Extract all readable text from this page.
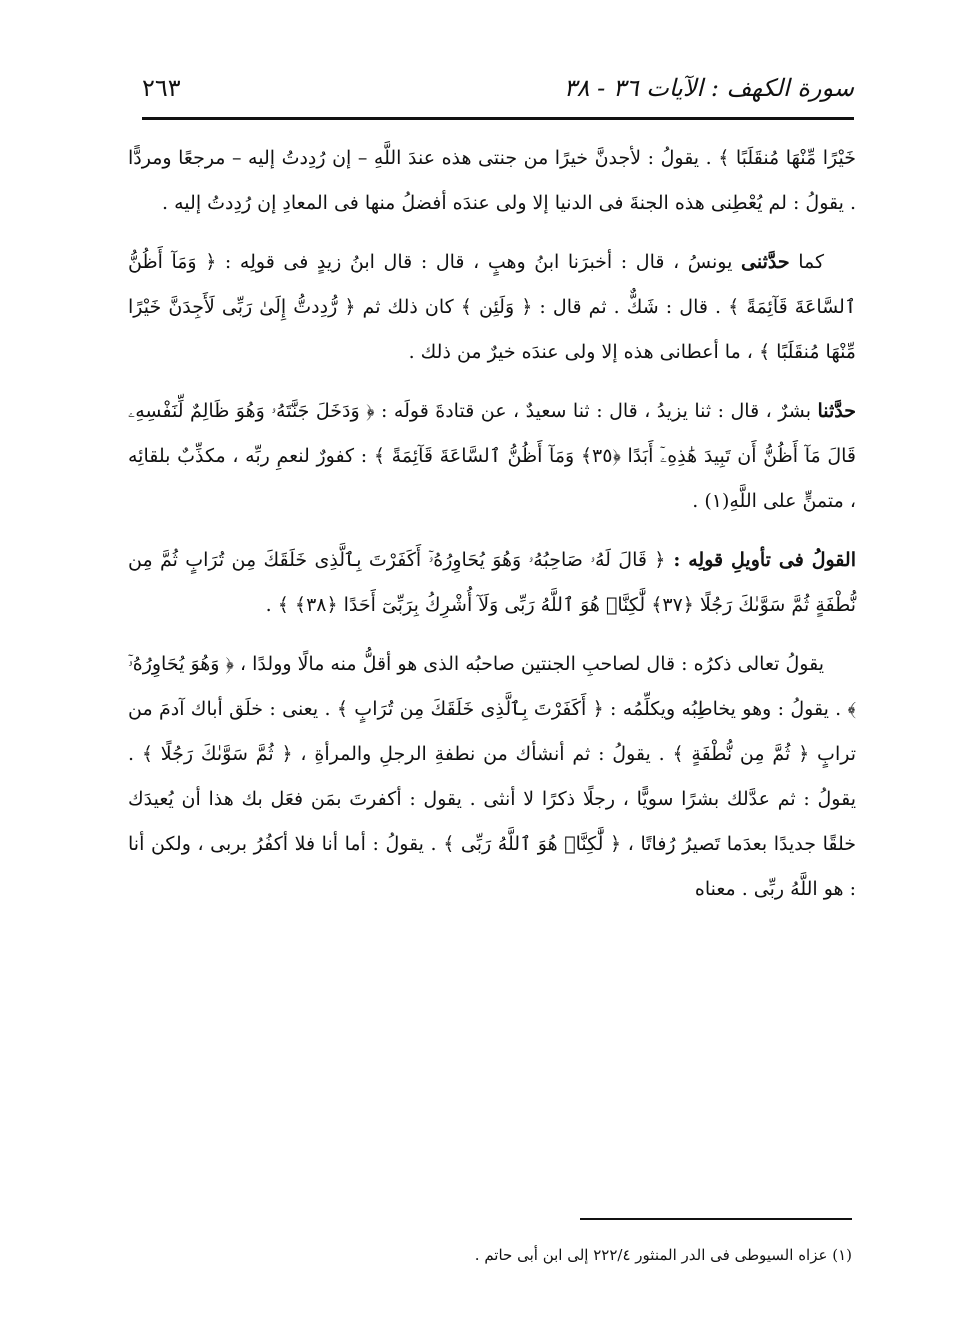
سورة الكهف : الآيات ٣٦ - ٣٨
٢٦٣

خَيْرًا مِّنْهَا مُنقَلَبًا ﴾ . يقولُ : لأجدنَّ خيرًا من جنتى هذه عندَ اللَّهِ – إن رُدِدتُ إليه – مرجعًا ومردًّا . يقولُ : لم يُعْطِنى هذه الجنةَ فى الدنيا إلا ولى عندَه أفضلُ منها فى المعادِ إن رُدِدتُ إليه .

كما حدَّثنى يونسُ ، قال : أخبرَنا ابنُ وهبٍ ، قال : قال ابنُ زيدٍ فى قولِه : ﴿ وَمَآ أَظُنُّ ٱلسَّاعَةَ قَآئِمَةً ﴾ . قال : شَكٌّ . ثم قال : ﴿ وَلَئِن ﴾ كان ذلك ثم ﴿ رُّدِدتُّ إِلَىٰ رَبِّى لَأَجِدَنَّ خَيْرًا مِّنْهَا مُنقَلَبًا ﴾ ، ما أعطانى هذه إلا ولى عندَه خيرٌ من ذلك .

حدَّثنا بشرٌ ، قال : ثنا يزيدُ ، قال : ثنا سعيدٌ ، عن قتادةَ قولَه : ﴿ وَدَخَلَ جَنَّتَهُۥ وَهُوَ ظَالِمٌ لِّنَفْسِهِۦ قَالَ مَآ أَظُنُّ أَن تَبِيدَ هَٰذِهِۦٓ أَبَدًا ﴿٣٥﴾ وَمَآ أَظُنُّ ٱلسَّاعَةَ قَآئِمَةً ﴾ : كفورٌ لنعمِ ربِّه ، مكذِّبٌ بلقائِه ، متمنٍّ على اللَّهِ(١) .

القولُ فى تأويلِ قولِه : ﴿ قَالَ لَهُۥ صَاحِبُهُۥ وَهُوَ يُحَاوِرُهُۥٓ أَكَفَرْتَ بِٱلَّذِى خَلَقَكَ مِن تُرَابٍ ثُمَّ مِن نُّطْفَةٍ ثُمَّ سَوَّىٰكَ رَجُلًا ﴿٣٧﴾ لَّٰكِنَّا۠ هُوَ ٱللَّهُ رَبِّى وَلَآ أُشْرِكُ بِرَبِّىٓ أَحَدًا ﴿٣٨﴾ ﴾ .

يقولُ تعالى ذكرُه : قال لصاحبِ الجنتين صاحبُه الذى هو أقلُّ منه مالًا وولدًا ، ﴿ وَهُوَ يُحَاوِرُهُۥٓ ﴾ . يقولُ : وهو يخاطِبُه ويكلِّمُه : ﴿ أَكَفَرْتَ بِٱلَّذِى خَلَقَكَ مِن تُرَابٍ ﴾ . يعنى : خلَق أباك آدمَ من ترابٍ ﴿ ثُمَّ مِن نُّطْفَةٍ ﴾ . يقولُ : ثم أنشأك من نطفةِ الرجلِ والمرأةِ ، ﴿ ثُمَّ سَوَّىٰكَ رَجُلًا ﴾ . يقولُ : ثم عدَّلك بشرًا سويًّا ، رجلًا ذكرًا لا أنثى . يقول : أكفرتَ بمَن فعَل بك هذا أن يُعيدَك خلقًا جديدًا بعدَما تَصيرُ رُفاتًا ، ﴿ لَّٰكِنَّا۠ هُوَ ٱللَّهُ رَبِّى ﴾ . يقولُ : أما أنا فلا أكفُرُ بربى ، ولكن أنا : هو اللَّهُ ربِّى . معناه

(١) عزاه السيوطى فى الدر المنثور ٢٢٢/٤ إلى ابن أبى حاتم .
